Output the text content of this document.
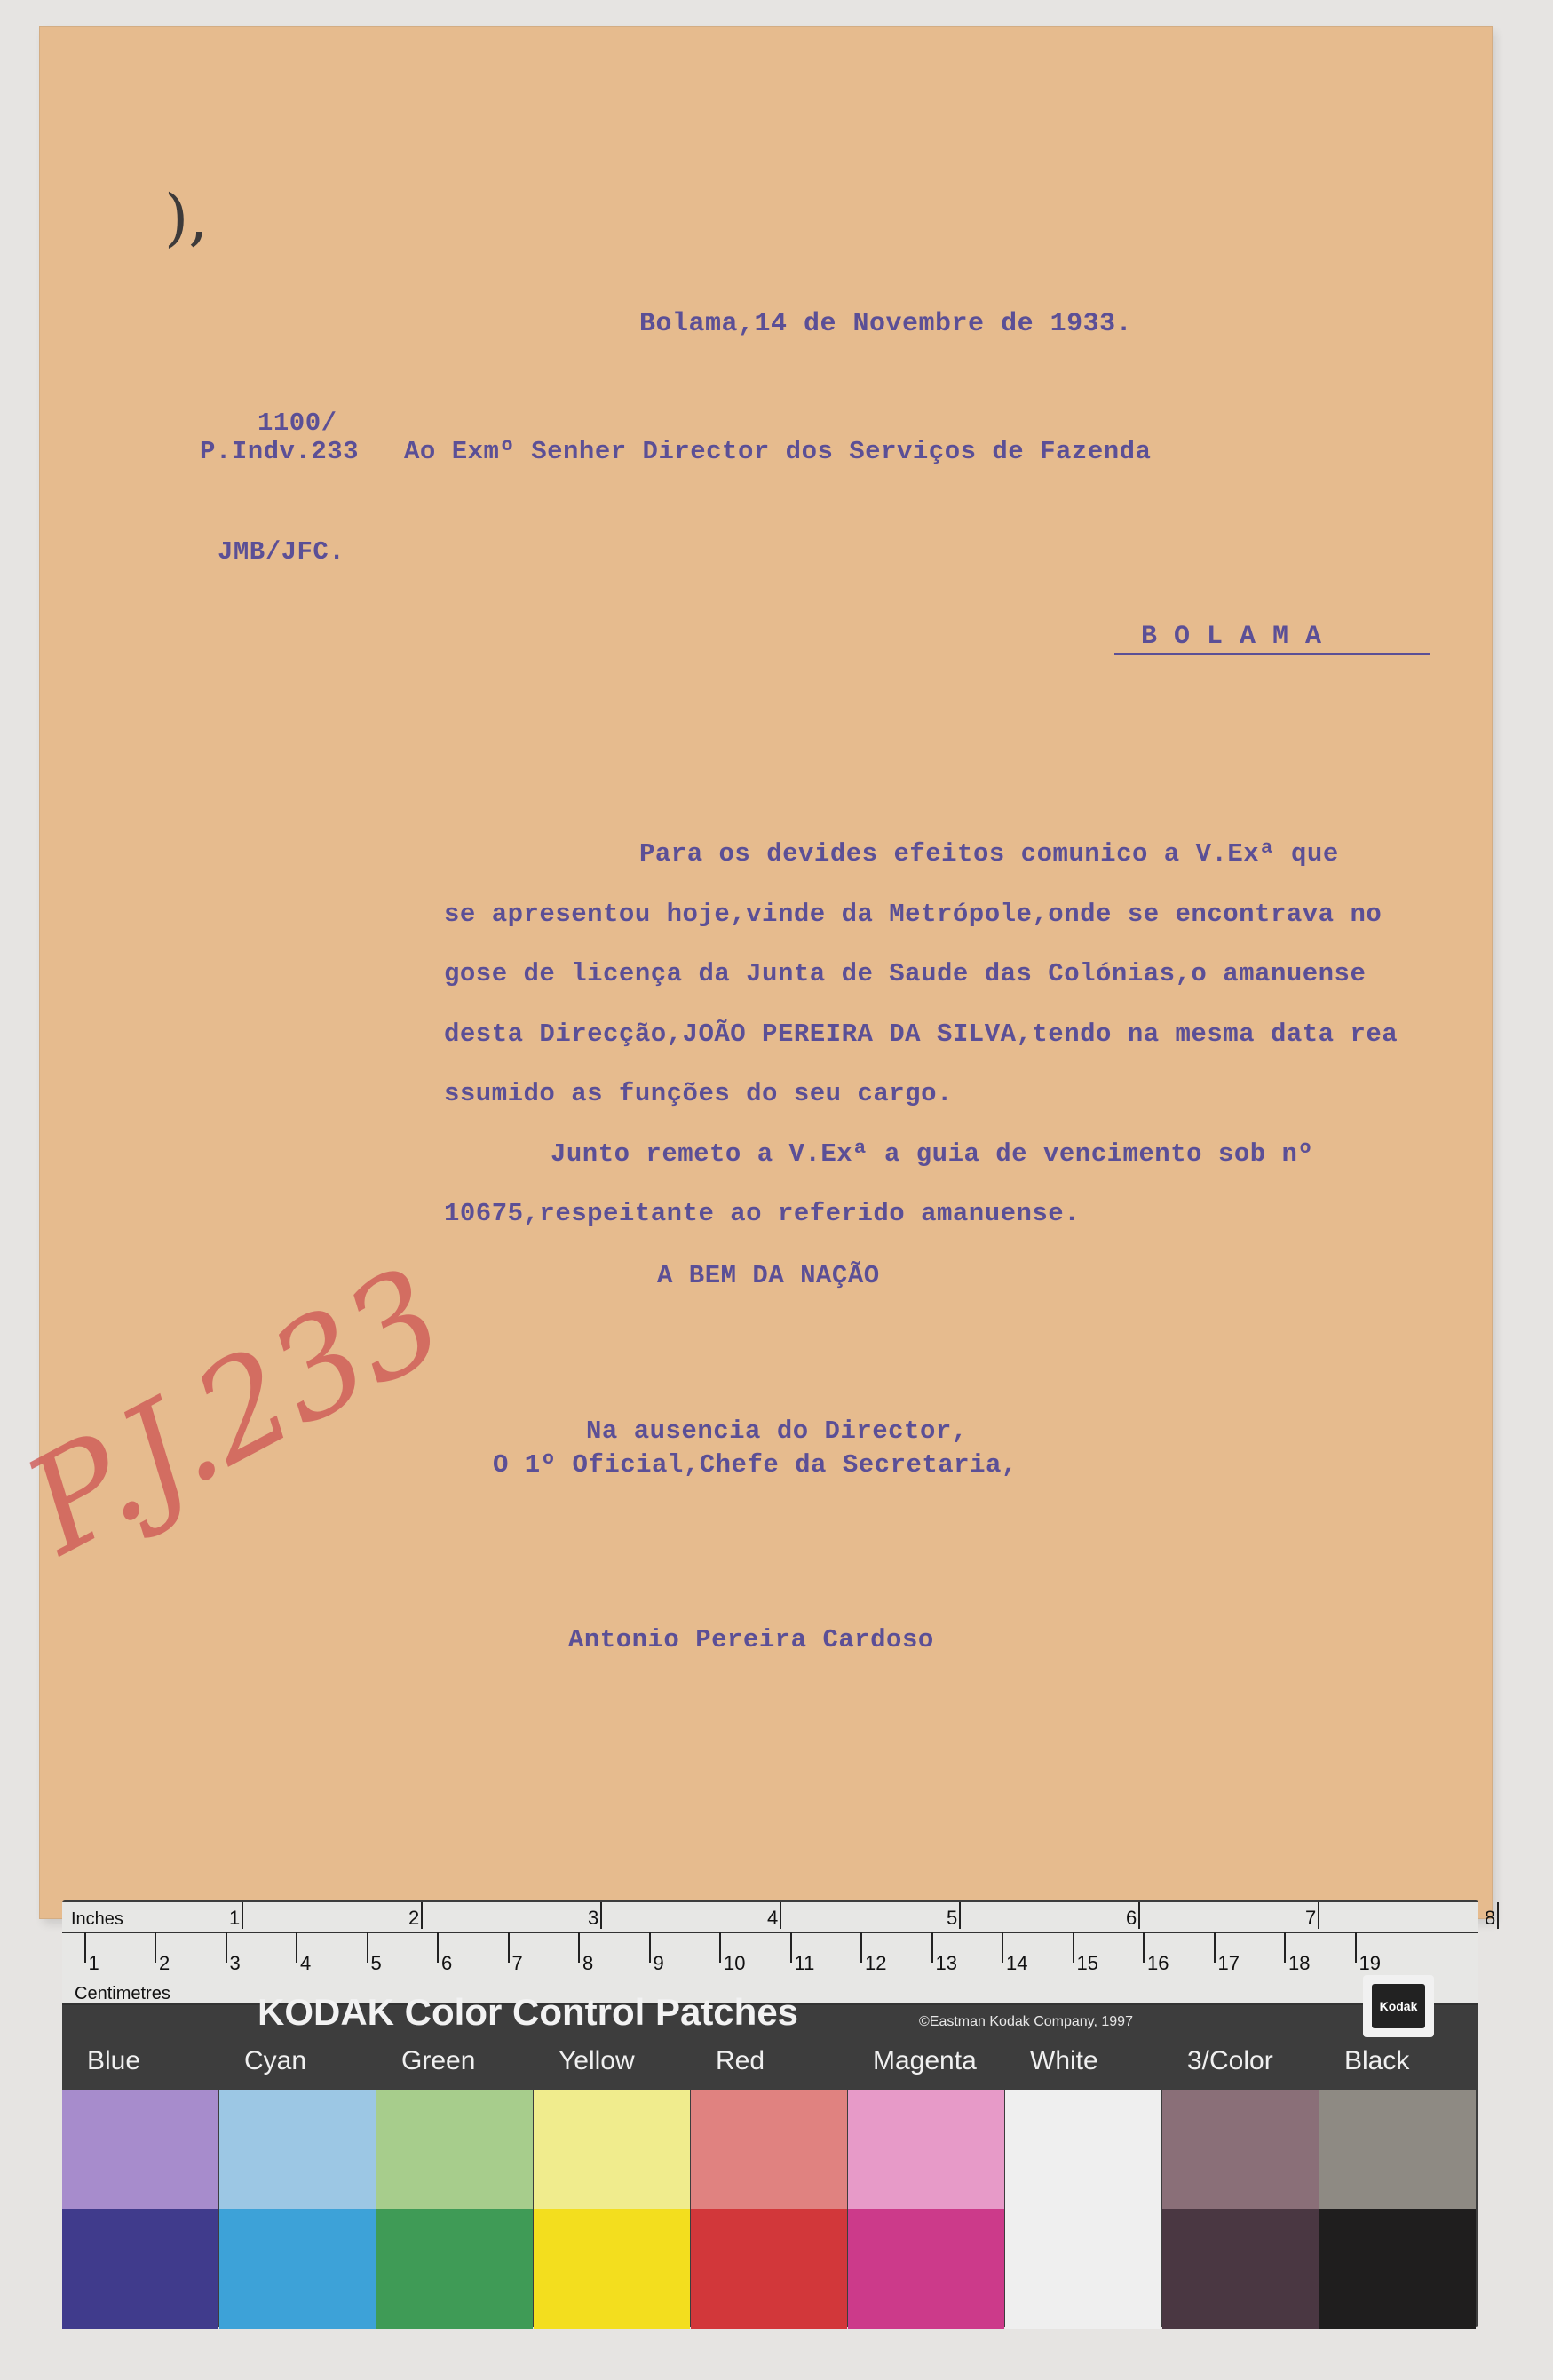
),
Bolama,14 de Novembre de 1933.
1100/
P.Indv.233 Ao Exmº Senher Director dos Serviços de Fazenda
JMB/JFC.
B O L A M A
Para os devides efeitos comunico a V.Exª que
se apresentou hoje,vinde da Metrópole,onde se encontrava no
gose de licença da Junta de Saude das Colónias,o amanuense
desta Direcção,JOÃO PEREIRA DA SILVA,tendo na mesma data rea
ssumido as funções do seu cargo.
Junto remeto a V.Exª a guia de vencimento sob nº
10675,respeitante ao referido amanuense.
A BEM DA NAÇÃO
Na ausencia do Director,
O 1º Oficial,Chefe da Secretaria,
Antonio Pereira Cardoso
P.J.233
Inches
Centimetres
1	2	3	4	5	6	7	8
1	2	3	4	5	6	7	8	9	10	11	12	13	14	15	16	17	18	19
KODAK Color Control Patches	©Eastman Kodak Company, 1997
Kodak
Blue	Cyan	Green	Yellow	Red	Magenta White	3/Color	Black
